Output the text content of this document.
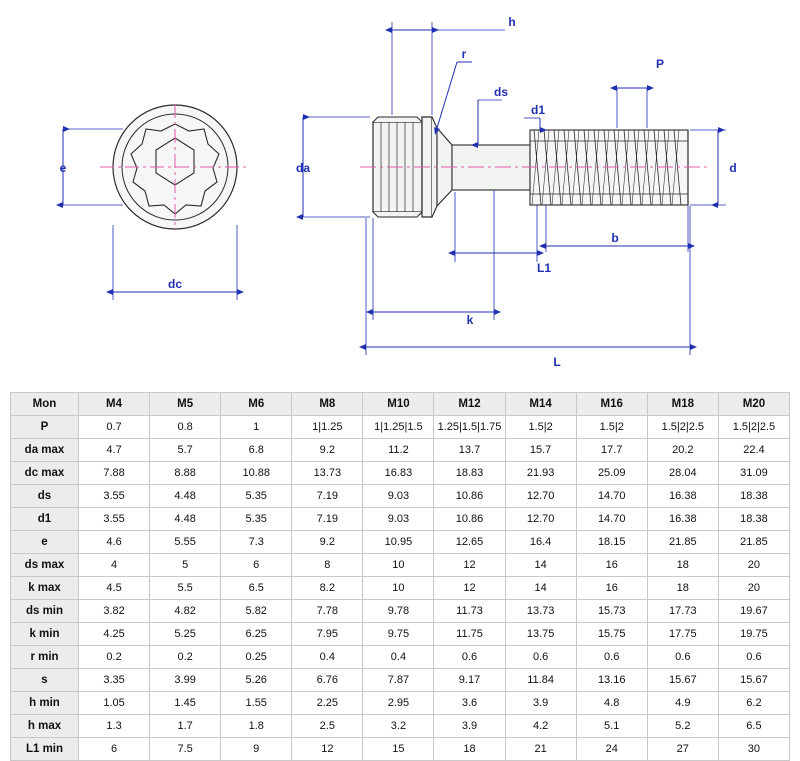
e
dc
h
r
ds
d1
P
da	d
b
L1
k
L
Mon	M4	M5	M6	M8	M10	M12	M14	M16	M18	M20
P	0.7	0.8	1	1|1.25	1|1.25|1.5	1.25|1.5|1.75	1.5|2	1.5|2	1.5|2|2.5	1.5|2|2.5
da max	4.7	5.7	6.8	9.2	11.2	13.7	15.7	17.7	20.2	22.4
dc max	7.88	8.88	10.88	13.73	16.83	18.83	21.93	25.09	28.04	31.09
ds	3.55	4.48	5.35	7.19	9.03	10.86	12.70	14.70	16.38	18.38
d1	3.55	4.48	5.35	7.19	9.03	10.86	12.70	14.70	16.38	18.38
e	4.6	5.55	7.3	9.2	10.95	12.65	16.4	18.15	21.85	21.85
ds max	4	5	6	8	10	12	14	16	18	20
k max	4.5	5.5	6.5	8.2	10	12	14	16	18	20
ds min	3.82	4.82	5.82	7.78	9.78	11.73	13.73	15.73	17.73	19.67
k min	4.25	5.25	6.25	7.95	9.75	11.75	13.75	15.75	17.75	19.75
r min	0.2	0.2	0.25	0.4	0.4	0.6	0.6	0.6	0.6	0.6
s	3.35	3.99	5.26	6.76	7.87	9.17	11.84	13.16	15.67	15.67
h min	1.05	1.45	1.55	2.25	2.95	3.6	3.9	4.8	4.9	6.2
h max	1.3	1.7	1.8	2.5	3.2	3.9	4.2	5.1	5.2	6.5
L1 min	6	7.5	9	12	15	18	21	24	27	30
